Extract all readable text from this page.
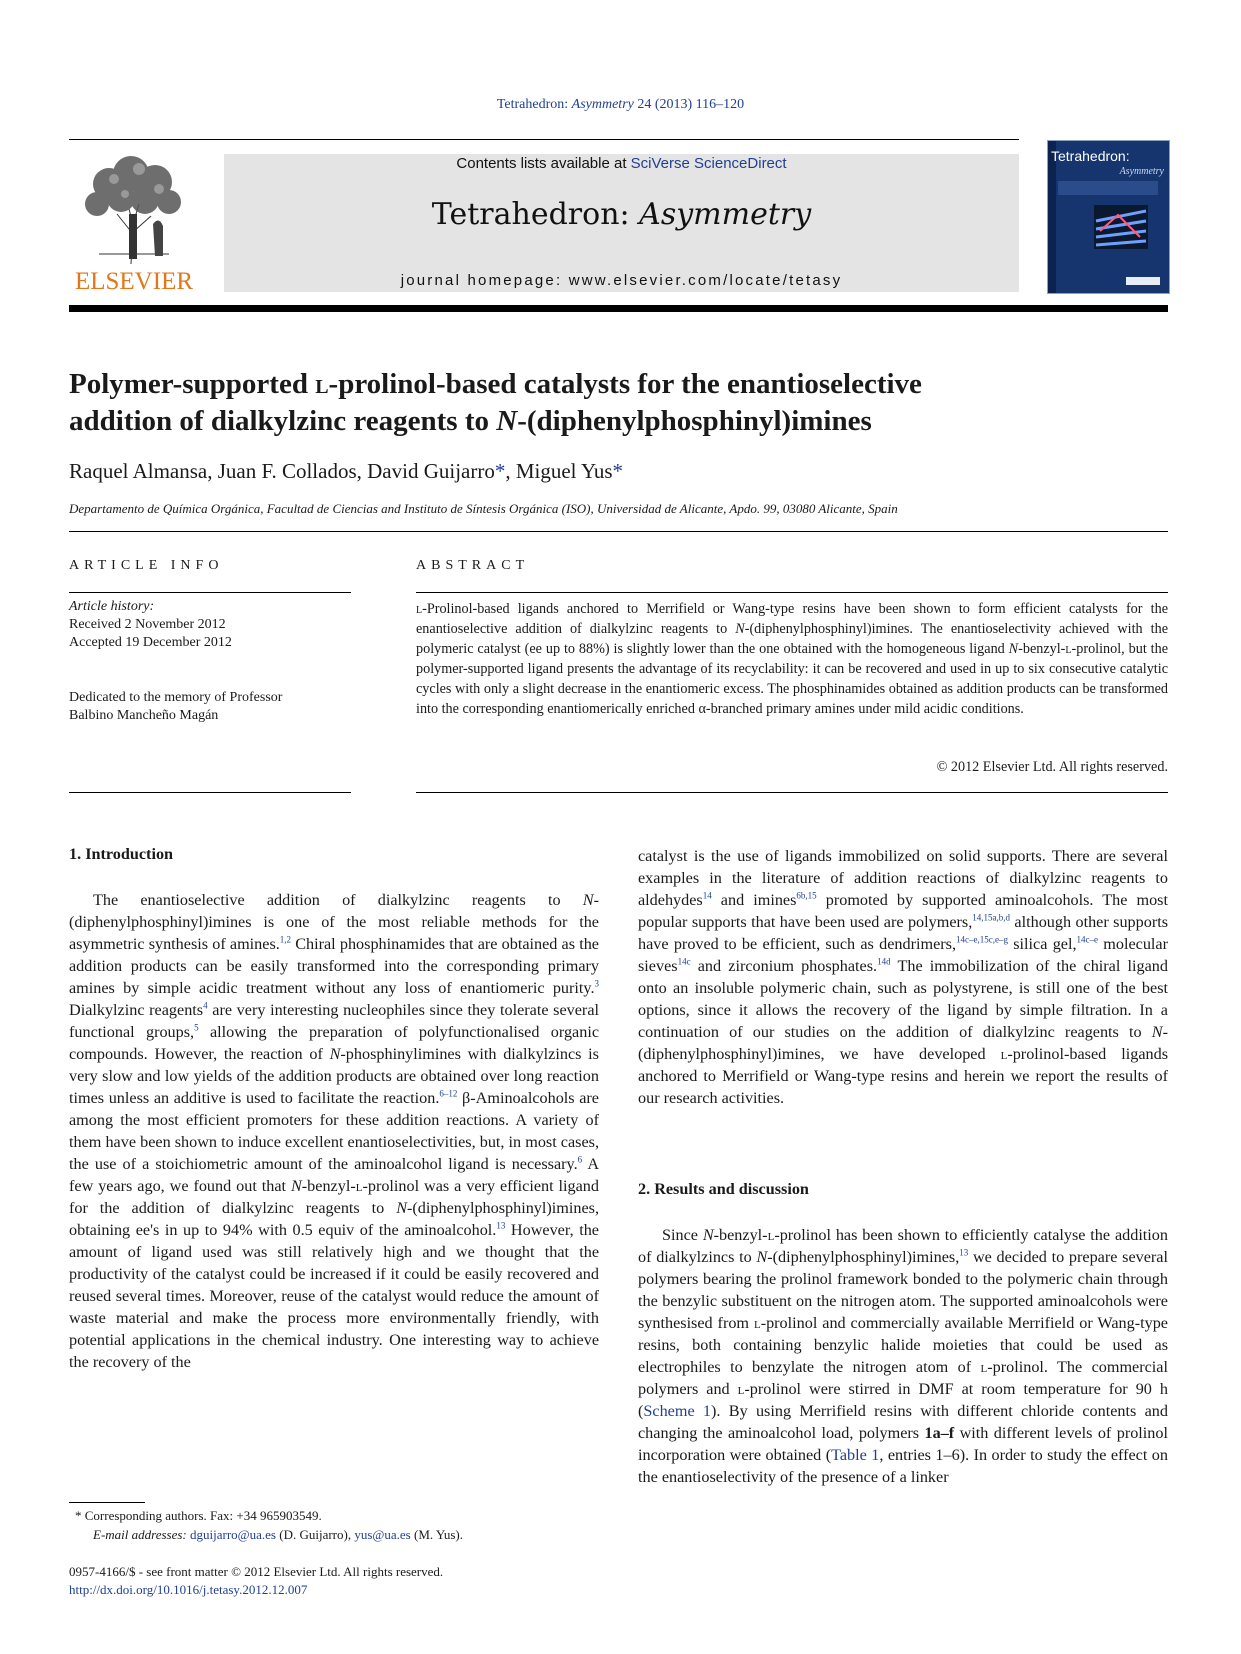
Tetrahedron: Asymmetry 24 (2013) 116–120
ELSEVIER
Contents lists available at SciVerse ScienceDirect
Tetrahedron: Asymmetry
journal homepage: www.elsevier.com/locate/tetasy
Tetrahedron:
Asymmetry
Polymer-supported l-prolinol-based catalysts for the enantioselective
addition of dialkylzinc reagents to N-(diphenylphosphinyl)imines
Raquel Almansa, Juan F. Collados, David Guijarro*, Miguel Yus*
Departamento de Química Orgánica, Facultad de Ciencias and Instituto de Síntesis Orgánica (ISO), Universidad de Alicante, Apdo. 99, 03080 Alicante, Spain
ARTICLE INFO	ABSTRACT
Article history:
Received 2 November 2012
Accepted 19 December 2012
Dedicated to the memory of Professor
Balbino Mancheño Magán
l-Prolinol-based ligands anchored to Merrifield or Wang-type resins have been shown to form efficient catalysts for the enantioselective addition of dialkylzinc reagents to N-(diphenylphosphinyl)imines. The enantioselectivity achieved with the polymeric catalyst (ee up to 88%) is slightly lower than the one obtained with the homogeneous ligand N-benzyl-l-prolinol, but the polymer-supported ligand presents the advantage of its recyclability: it can be recovered and used in up to six consecutive catalytic cycles with only a slight decrease in the enantiomeric excess. The phosphinamides obtained as addition products can be transformed into the corresponding enantiomerically enriched α-branched primary amines under mild acidic conditions.
© 2012 Elsevier Ltd. All rights reserved.
1. Introduction

The enantioselective addition of dialkylzinc reagents to N-(diphenylphosphinyl)imines is one of the most reliable methods for the asymmetric synthesis of amines.$^{1,2}$ Chiral phosphinamides that are obtained as the addition products can be easily transformed into the corresponding primary amines by simple acidic treatment without any loss of enantiomeric purity.$^3$ Dialkylzinc reagents$^4$ are very interesting nucleophiles since they tolerate several functional groups,$^5$ allowing the preparation of polyfunctionalised organic compounds. However, the reaction of N-phosphinylimines with dialkylzincs is very slow and low yields of the addition products are obtained over long reaction times unless an additive is used to facilitate the reaction.$^{6-12}$ β-Aminoalcohols are among the most efficient promoters for these addition reactions. A variety of them have been shown to induce excellent enantioselectivities, but, in most cases, the use of a stoichiometric amount of the aminoalcohol ligand is necessary.$^6$ A few years ago, we found out that N-benzyl-l-prolinol was a very efficient ligand for the addition of dialkylzinc reagents to N-(diphenylphosphinyl)imines, obtaining ee's in up to 94% with 0.5 equiv of the aminoalcohol.$^{13}$ However, the amount of ligand used was still relatively high and we thought that the productivity of the catalyst could be increased if it could be easily recovered and reused several times. Moreover, reuse of the catalyst would reduce the amount of waste material and make the process more environmentally friendly, with potential applications in the chemical industry. One interesting way to achieve the recovery of the

catalyst is the use of ligands immobilized on solid supports. There are several examples in the literature of addition reactions of dialkylzinc reagents to aldehydes$^{14}$ and imines$^{6b,15}$ promoted by supported aminoalcohols. The most popular supports that have been used are polymers,$^{14,15a,b,d}$ although other supports have proved to be efficient, such as dendrimers,$^{14c-e,15c,e-g}$ silica gel,$^{14c-e}$ molecular sieves$^{14c}$ and zirconium phosphates.$^{14d}$ The immobilization of the chiral ligand onto an insoluble polymeric chain, such as polystyrene, is still one of the best options, since it allows the recovery of the ligand by simple filtration. In a continuation of our studies on the addition of dialkylzinc reagents to N-(diphenylphosphinyl)imines, we have developed l-prolinol-based ligands anchored to Merrifield or Wang-type resins and herein we report the results of our research activities.
2. Results and discussion

Since N-benzyl-l-prolinol has been shown to efficiently catalyse the addition of dialkylzincs to N-(diphenylphosphinyl)imines,$^{13}$ we decided to prepare several polymers bearing the prolinol framework bonded to the polymeric chain through the benzylic substituent on the nitrogen atom. The supported aminoalcohols were synthesised from l-prolinol and commercially available Merrifield or Wang-type resins, both containing benzylic halide moieties that could be used as electrophiles to benzylate the nitrogen atom of l-prolinol. The commercial polymers and l-prolinol were stirred in DMF at room temperature for 90 h (Scheme 1). By using Merrifield resins with different chloride contents and changing the aminoalcohol load, polymers 1a–f with different levels of prolinol incorporation were obtained (Table 1, entries 1–6). In order to study the effect on the enantioselectivity of the presence of a linker

* Corresponding authors. Fax: +34 965903549.
E-mail addresses: dguijarro@ua.es (D. Guijarro), yus@ua.es (M. Yus).
0957-4166/$ - see front matter © 2012 Elsevier Ltd. All rights reserved.
http://dx.doi.org/10.1016/j.tetasy.2012.12.007
